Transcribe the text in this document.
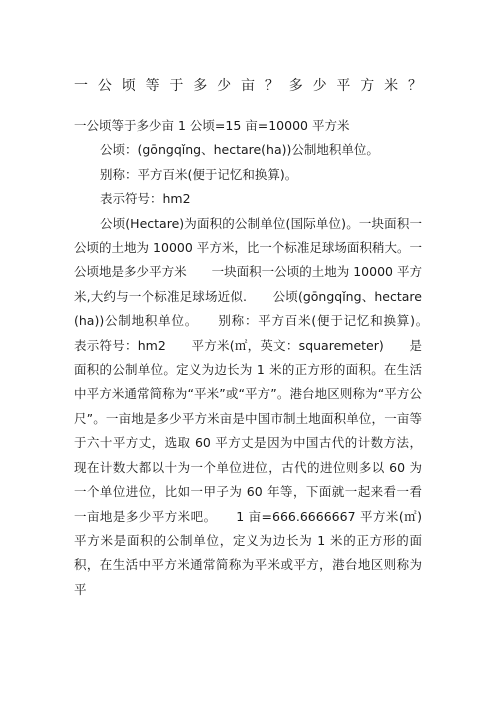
一 公 顷 等 于 多 少 亩 ？ 多 少 平 方 米 ？

一公顷等于多少亩 1 公顷=15 亩=10000 平方米

公顷：(gōngqǐng、hectare(ha))公制地积单位。

别称：平方百米(便于记忆和换算)。

表示符号：hm2

公顷(Hectare)为面积的公制单位(国际单位)。一块面积一公顷的土地为 10000 平方米，比一个标准足球场面积稍大。一公顷地是多少平方米　　一块面积一公顷的土地为 10000 平方米,大约与一个标准足球场近似.　　公顷(gōngqǐng、hectare(ha))公制地积单位。　　别称：平方百米(便于记忆和换算)。　　表示符号：hm2　　平方米(㎡，英文：squaremeter)　　是面积的公制单位。定义为边长为 1 米的正方形的面积。在生活中平方米通常简称为“平米”或“平方”。港台地区则称为“平方公尺”。一亩地是多少平方米亩是中国市制土地面积单位，一亩等于六十平方丈，选取 60 平方丈是因为中国古代的计数方法，现在计数大都以十为一个单位进位，古代的进位则多以 60 为一个单位进位，比如一甲子为 60 年等，下面就一起来看一看一亩地是多少平方米吧。　　1 亩=666.6666667 平方米(㎡)　　平方米是面积的公制单位，定义为边长为 1 米的正方形的面积，在生活中平方米通常简称为平米或平方，港台地区则称为平
